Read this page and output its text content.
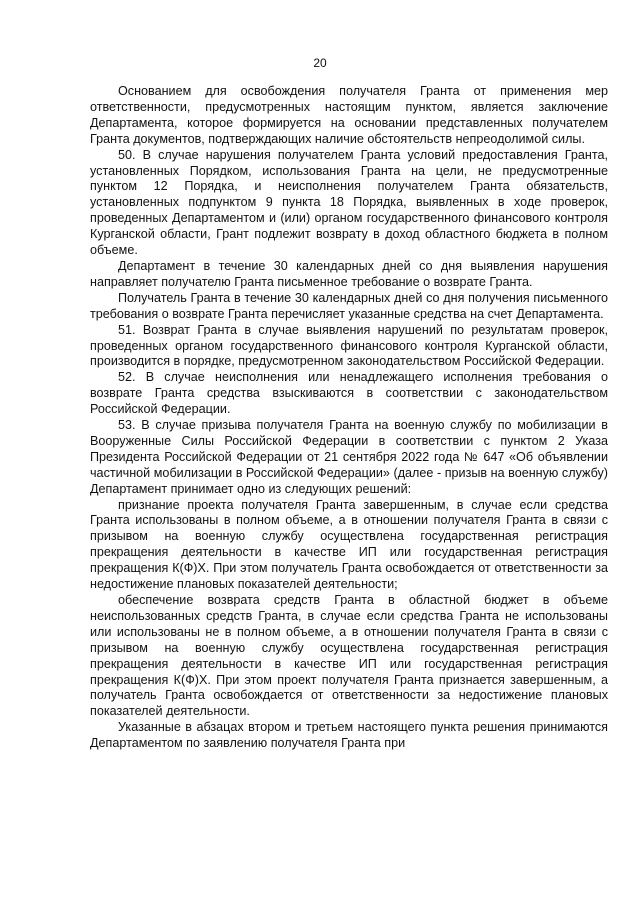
20

Основанием для освобождения получателя Гранта от применения мер ответственности, предусмотренных настоящим пунктом, является заключение Департамента, которое формируется на основании представленных получателем Гранта документов, подтверждающих наличие обстоятельств непреодолимой силы.

50. В случае нарушения получателем Гранта условий предоставления Гранта, установленных Порядком, использования Гранта на цели, не предусмотренные пунктом 12 Порядка, и неисполнения получателем Гранта обязательств, установленных подпунктом 9 пункта 18 Порядка, выявленных в ходе проверок, проведенных Департаментом и (или) органом государственного финансового контроля Курганской области, Грант подлежит возврату в доход областного бюджета в полном объеме.

Департамент в течение 30 календарных дней со дня выявления нарушения направляет получателю Гранта письменное требование о возврате Гранта.

Получатель Гранта в течение 30 календарных дней со дня получения письменного требования о возврате Гранта перечисляет указанные средства на счет Департамента.

51. Возврат Гранта в случае выявления нарушений по результатам проверок, проведенных органом государственного финансового контроля Курганской области, производится в порядке, предусмотренном законодательством Российской Федерации.

52. В случае неисполнения или ненадлежащего исполнения требования о возврате Гранта средства взыскиваются в соответствии с законодательством Российской Федерации.

53. В случае призыва получателя Гранта на военную службу по мобилизации в Вооруженные Силы Российской Федерации в соответствии с пунктом 2 Указа Президента Российской Федерации от 21 сентября 2022 года № 647 «Об объявлении частичной мобилизации в Российской Федерации» (далее - призыв на военную службу) Департамент принимает одно из следующих решений:

признание проекта получателя Гранта завершенным, в случае если средства Гранта использованы в полном объеме, а в отношении получателя Гранта в связи с призывом на военную службу осуществлена государственная регистрация прекращения деятельности в качестве ИП или государственная регистрация прекращения К(Ф)Х. При этом получатель Гранта освобождается от ответственности за недостижение плановых показателей деятельности;

обеспечение возврата средств Гранта в областной бюджет в объеме неиспользованных средств Гранта, в случае если средства Гранта не использованы или использованы не в полном объеме, а в отношении получателя Гранта в связи с призывом на военную службу осуществлена государственная регистрация прекращения деятельности в качестве ИП или государственная регистрация прекращения К(Ф)Х. При этом проект получателя Гранта признается завершенным, а получатель Гранта освобождается от ответственности за недостижение плановых показателей деятельности.

Указанные в абзацах втором и третьем настоящего пункта решения принимаются Департаментом по заявлению получателя Гранта при
